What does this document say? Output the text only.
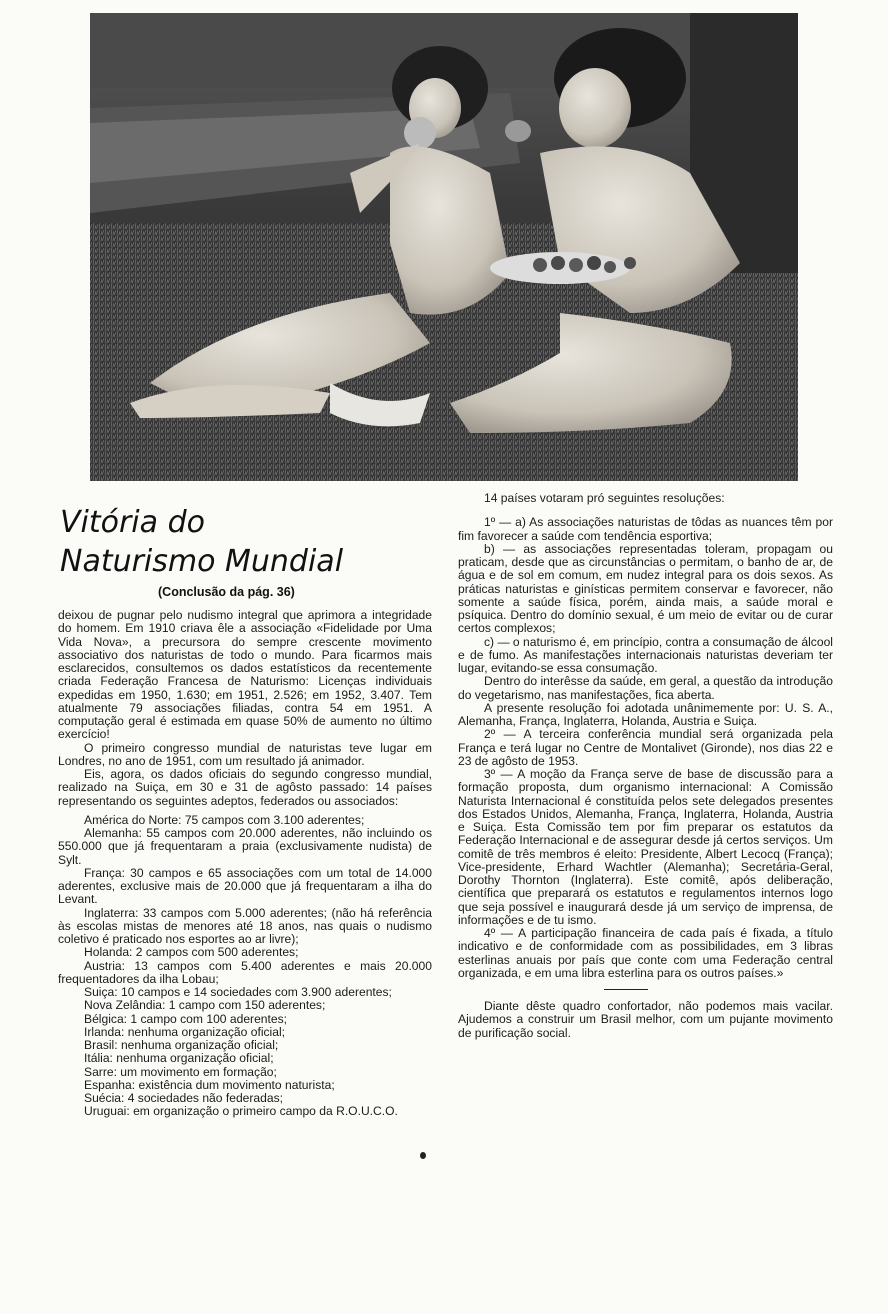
Vitória do
Naturismo Mundial
(Conclusão da pág. 36)

deixou de pugnar pelo nudismo integral que aprimora a integridade do homem. Em 1910 criava êle a associação «Fidelidade por Uma Vida Nova», a precursora do sempre crescente movimento associativo dos naturistas de todo o mundo. Para ficarmos mais esclarecidos, consultemos os dados estatísticos da recentemente criada Federação Francesa de Naturismo: Licenças individuais expedidas em 1950, 1.630; em 1951, 2.526; em 1952, 3.407. Tem atualmente 79 associações filiadas, contra 54 em 1951. A computação geral é estimada em quase 50% de aumento no último exercício!

O primeiro congresso mundial de naturistas teve lugar em Londres, no ano de 1951, com um resultado já animador.

Eis, agora, os dados oficiais do segundo congresso mundial, realizado na Suiça, em 30 e 31 de agôsto passado: 14 países representando os seguintes adeptos, federados ou associados:

América do Norte: 75 campos com 3.100 aderentes;

Alemanha: 55 campos com 20.000 aderentes, não incluindo os 550.000 que já frequentaram a praia (exclusivamente nudista) de Sylt.

França: 30 campos e 65 associações com um total de 14.000 aderentes, exclusive mais de 20.000 que já frequentaram a ilha do Levant.

Inglaterra: 33 campos com 5.000 aderentes; (não há referência às escolas mistas de menores até 18 anos, nas quais o nudismo coletivo é praticado nos esportes ao ar livre);

Holanda: 2 campos com 500 aderentes;

Austria: 13 campos com 5.400 aderentes e mais 20.000 frequentadores da ilha Lobau;

Suiça: 10 campos e 14 sociedades com 3.900 aderentes;

Nova Zelândia: 1 campo com 150 aderentes;

Bélgica: 1 campo com 100 aderentes;

Irlanda: nenhuma organização oficial;

Brasil: nenhuma organização oficial;

Itália: nenhuma organização oficial;

Sarre: um movimento em formação;

Espanha: existência dum movimento naturista;

Suécia: 4 sociedades não federadas;

Uruguai: em organização o primeiro campo da R.O.U.C.O.

14 países votaram pró seguintes resoluções:

1º — a) As associações naturistas de tôdas as nuances têm por fim favorecer a saúde com tendência esportiva;

b) — as associações representadas toleram, propagam ou praticam, desde que as circunstâncias o permitam, o banho de ar, de água e de sol em comum, em nudez integral para os dois sexos. As práticas naturistas e ginísticas permitem conservar e favorecer, não somente a saúde física, porém, ainda mais, a saúde moral e psíquica. Dentro do domínio sexual, é um meio de evitar ou de curar certos complexos;

c) — o naturismo é, em princípio, contra a consumação de álcool e de fumo. As manifestações internacionais naturistas deveriam ter lugar, evitando-se essa consumação.

Dentro do interêsse da saúde, em geral, a questão da introdução do vegetarismo, nas manifestações, fica aberta.

A presente resolução foi adotada unânimemente por: U. S. A., Alemanha, França, Inglaterra, Holanda, Austria e Suiça.

2º — A terceira conferência mundial será organizada pela França e terá lugar no Centre de Montalivet (Gironde), nos dias 22 e 23 de agôsto de 1953.

3º — A moção da França serve de base de discussão para a formação proposta, dum organismo internacional: A Comissão Naturista Internacional é constituída pelos sete delegados presentes dos Estados Unidos, Alemanha, França, Inglaterra, Holanda, Austria e Suiça. Esta Comissão tem por fim preparar os estatutos da Federação Internacional e de assegurar desde já certos serviços. Um comitê de três membros é eleito: Presidente, Albert Lecocq (França); Vice-presidente, Erhard Wachtler (Alemanha); Secretária-Geral, Dorothy Thornton (Inglaterra). Este comitê, após deliberação, científica que preparará os estatutos e regulamentos internos logo que seja possível e inaugurará desde já um serviço de imprensa, de informações e de tu ismo.

4º — A participação financeira de cada país é fixada, a título indicativo e de conformidade com as possibilidades, em 3 libras esterlinas anuais por país que conte com uma Federação central organizada, e em uma libra esterlina para os outros países.»

Diante dêste quadro confortador, não podemos mais vacilar. Ajudemos a construir um Brasil melhor, com um pujante movimento de purificação social.
